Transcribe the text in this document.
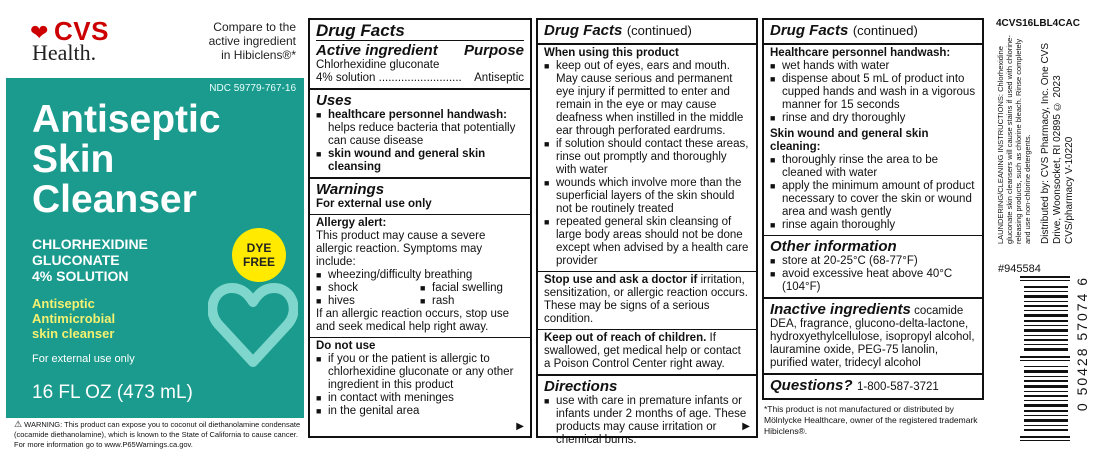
❤ CVS
Health.
Compare to the active ingredient in Hibiclens®*
NDC 59779-767-16
Antiseptic
Skin
Cleanser
CHLORHEXIDINE
GLUCONATE
4% SOLUTION
DYE FREE
Antiseptic
Antimicrobial
skin cleanser
For external use only
16 FL OZ (473 mL)
⚠ WARNING: This product can expose you to coconut oil diethanolamine condensate (cocamide diethanolamine), which is known to the State of California to cause cancer. For more information go to www.P65Warnings.ca.gov.
Drug Facts
Active ingredient Purpose
Chlorhexidine gluconate
4% solution .......................... Antiseptic
Uses
■ healthcare personnel handwash: helps reduce bacteria that potentially can cause disease
■ skin wound and general skin cleansing
Warnings
For external use only
Allergy alert:
This product may cause a severe allergic reaction. Symptoms may include:
■ wheezing/difficulty breathing
■ shock
■ hives
■ facial swelling
■ rash
If an allergic reaction occurs, stop use and seek medical help right away.
Do not use
■ if you or the patient is allergic to chlorhexidine gluconate or any other ingredient in this product
■ in contact with meninges
■ in the genital area
▶
Drug Facts (continued)
When using this product
■ keep out of eyes, ears and mouth. May cause serious and permanent eye injury if permitted to enter and remain in the eye or may cause deafness when instilled in the middle ear through perforated eardrums.
■ if solution should contact these areas, rinse out promptly and thoroughly with water
■ wounds which involve more than the superficial layers of the skin should not be routinely treated
■ repeated general skin cleansing of large body areas should not be done except when advised by a health care provider
Stop use and ask a doctor if irritation, sensitization, or allergic reaction occurs. These may be signs of a serious condition.
Keep out of reach of children. If swallowed, get medical help or contact a Poison Control Center right away.
Directions
■ use with care in premature infants or infants under 2 months of age. These products may cause irritation or chemical burns.
▶
Drug Facts (continued)
Healthcare personnel handwash:
■ wet hands with water
■ dispense about 5 mL of product into cupped hands and wash in a vigorous manner for 15 seconds
■ rinse and dry thoroughly
Skin wound and general skin cleaning:
■ thoroughly rinse the area to be cleaned with water
■ apply the minimum amount of product necessary to cover the skin or wound area and wash gently
■ rinse again thoroughly
Other information
■ store at 20-25°C (68-77°F)
■ avoid excessive heat above 40°C (104°F)
Inactive ingredients cocamide DEA, fragrance, glucono-delta-lactone, hydroxyethylcellulose, isopropyl alcohol, lauramine oxide, PEG-75 lanolin, purified water, tridecyl alcohol
Questions? 1-800-587-3721
*This product is not manufactured or distributed by Mölnlycke Healthcare, owner of the registered trademark Hibiclens®.
4CVS16LBL4CAC
LAUNDERING/CLEANING INSTRUCTIONS: Chlorhexidine gluconate skin cleansers will cause stains if used with chlorine-releasing products, such as chlorine bleach. Rinse completely and use non-chlorine detergents. Distributed by: CVS Pharmacy, Inc. One CVS Drive, Woonsocket, RI 02895 © 2023 CVS/pharmacy V-10220
#945584
0 50428 57074 6
